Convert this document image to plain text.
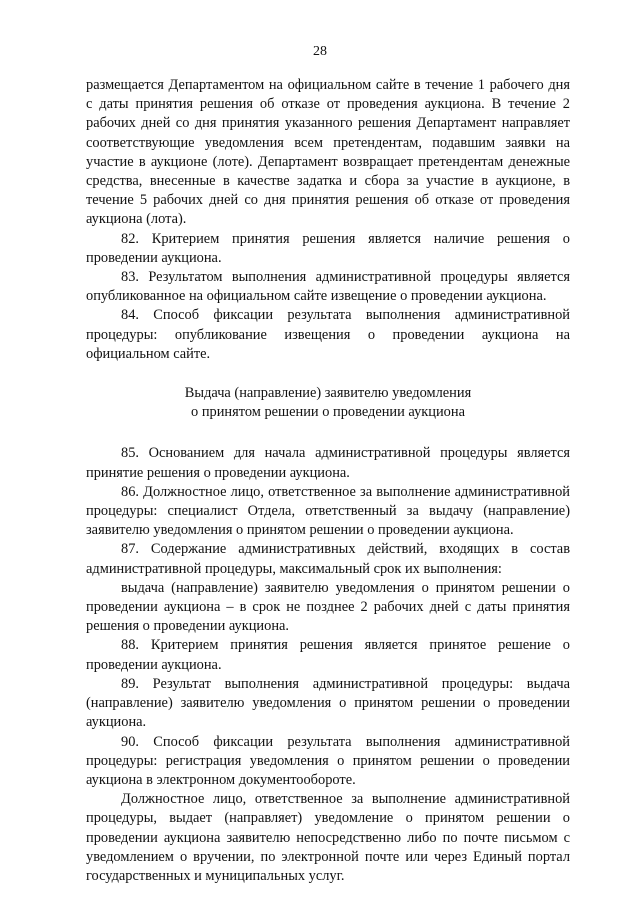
28

размещается Департаментом на официальном сайте в течение 1 рабочего дня с даты принятия решения об отказе от проведения аукциона. В течение 2 рабочих дней со дня принятия указанного решения Департамент направляет соответствующие уведомления всем претендентам, подавшим заявки на участие в аукционе (лоте). Департамент возвращает претендентам денежные средства, внесенные в качестве задатка и сбора за участие в аукционе, в течение 5 рабочих дней со дня принятия решения об отказе от проведения аукциона (лота).

82. Критерием принятия решения является наличие решения о проведении аукциона.

83. Результатом выполнения административной процедуры является опубликованное на официальном сайте извещение о проведении аукциона.

84. Способ фиксации результата выполнения административной процедуры: опубликование извещения о проведении аукциона на официальном сайте.

Выдача (направление) заявителю уведомления
о принятом решении о проведении аукциона

85. Основанием для начала административной процедуры является принятие решения о проведении аукциона.

86. Должностное лицо, ответственное за выполнение административной процедуры: специалист Отдела, ответственный за выдачу (направление) заявителю уведомления о принятом решении о проведении аукциона.

87. Содержание административных действий, входящих в состав административной процедуры, максимальный срок их выполнения:

выдача (направление) заявителю уведомления о принятом решении о проведении аукциона – в срок не позднее 2 рабочих дней с даты принятия решения о проведении аукциона.

88. Критерием принятия решения является принятое решение о проведении аукциона.

89. Результат выполнения административной процедуры: выдача (направление) заявителю уведомления о принятом решении о проведении аукциона.

90. Способ фиксации результата выполнения административной процедуры: регистрация уведомления о принятом решении о проведении аукциона в электронном документообороте.

Должностное лицо, ответственное за выполнение административной процедуры, выдает (направляет) уведомление о принятом решении о проведении аукциона заявителю непосредственно либо по почте письмом с уведомлением о вручении, по электронной почте или через Единый портал государственных и муниципальных услуг.
